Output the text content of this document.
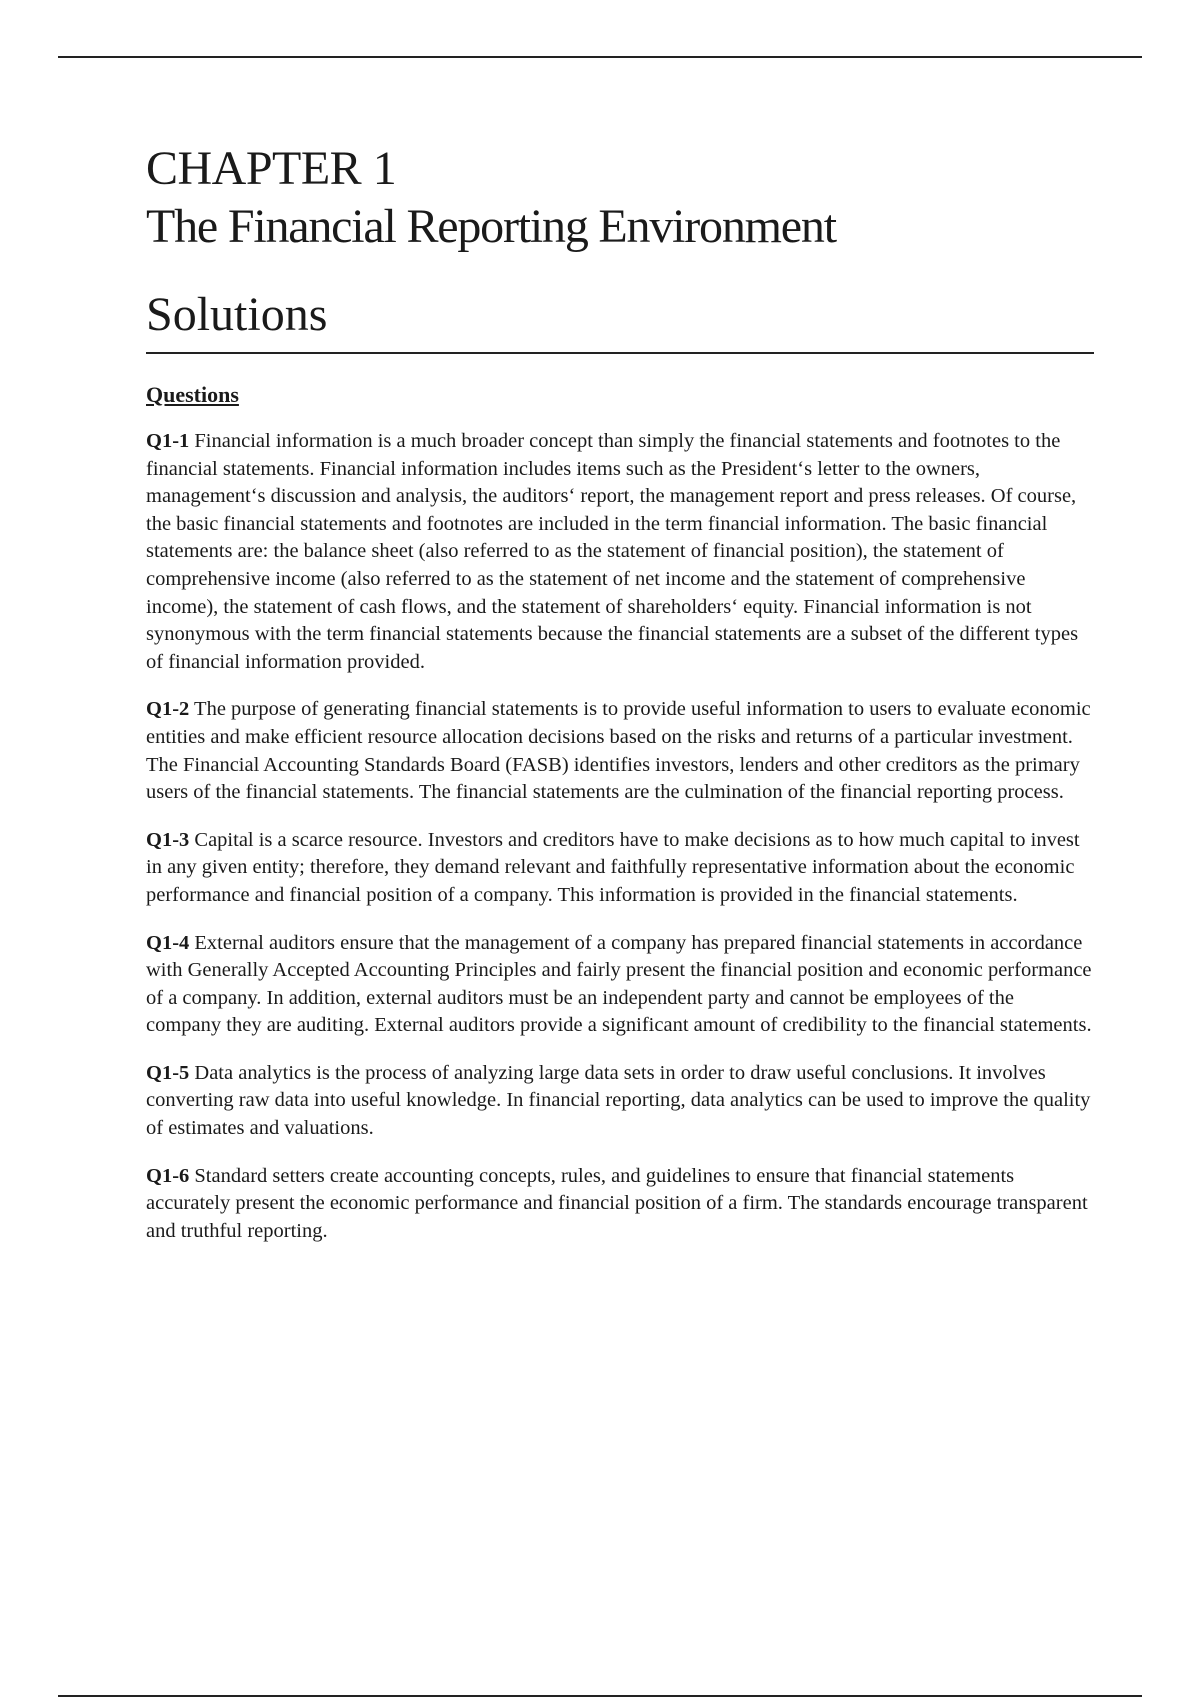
CHAPTER 1
The Financial Reporting Environment
Solutions
Questions

Q1-1 Financial information is a much broader concept than simply the financial statements and footnotes to the financial statements. Financial information includes items such as the President‘s letter to the owners, management‘s discussion and analysis, the auditors‘ report, the management report and press releases. Of course, the basic financial statements and footnotes are included in the term financial information. The basic financial statements are: the balance sheet (also referred to as the statement of financial position), the statement of comprehensive income (also referred to as the statement of net income and the statement of comprehensive income), the statement of cash flows, and the statement of shareholders‘ equity. Financial information is not synonymous with the term financial statements because the financial statements are a subset of the different types of financial information provided.

Q1-2 The purpose of generating financial statements is to provide useful information to users to evaluate economic entities and make efficient resource allocation decisions based on the risks and returns of a particular investment. The Financial Accounting Standards Board (FASB) identifies investors, lenders and other creditors as the primary users of the financial statements. The financial statements are the culmination of the financial reporting process.

Q1-3 Capital is a scarce resource. Investors and creditors have to make decisions as to how much capital to invest in any given entity; therefore, they demand relevant and faithfully representative information about the economic performance and financial position of a company. This information is provided in the financial statements.

Q1-4 External auditors ensure that the management of a company has prepared financial statements in accordance with Generally Accepted Accounting Principles and fairly present the financial position and economic performance of a company. In addition, external auditors must be an independent party and cannot be employees of the company they are auditing. External auditors provide a significant amount of credibility to the financial statements.

Q1-5 Data analytics is the process of analyzing large data sets in order to draw useful conclusions. It involves converting raw data into useful knowledge. In financial reporting, data analytics can be used to improve the quality of estimates and valuations.

Q1-6 Standard setters create accounting concepts, rules, and guidelines to ensure that financial statements accurately present the economic performance and financial position of a firm. The standards encourage transparent and truthful reporting.
